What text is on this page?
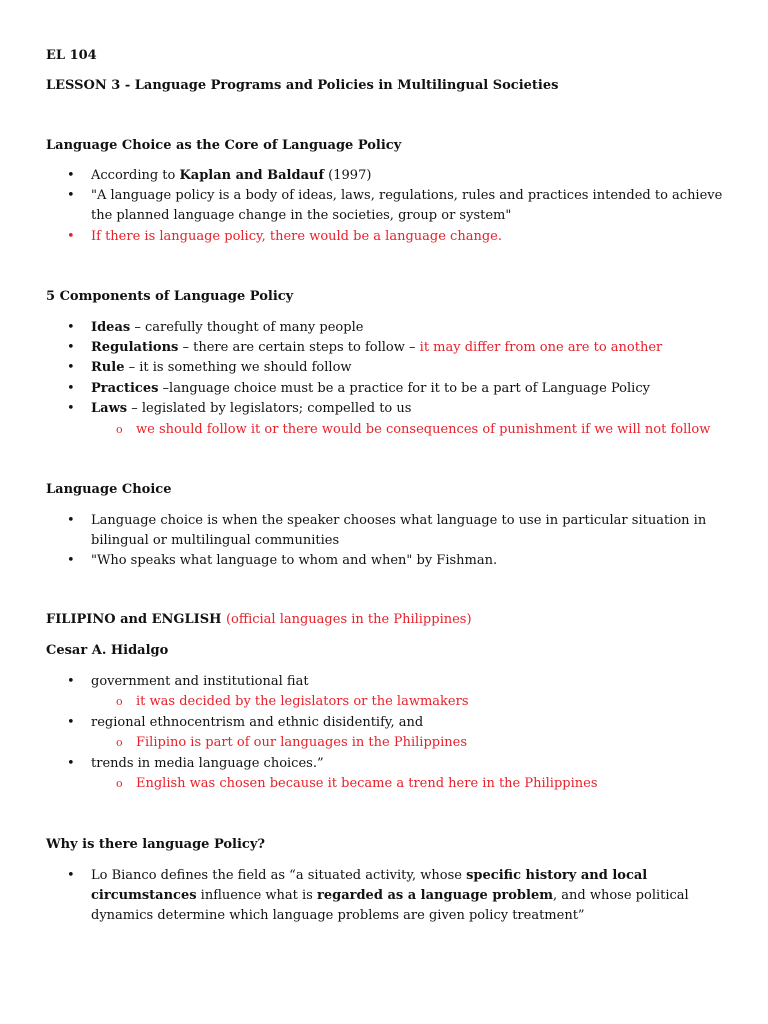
EL 104
LESSON 3 - Language Programs and Policies in Multilingual Societies
Language Choice as the Core of Language Policy
• According to Kaplan and Baldauf (1997)
• "A language policy is a body of ideas, laws, regulations, rules and practices intended to achieve the planned language change in the societies, group or system"
• If there is language policy, there would be a language change.
5 Components of Language Policy
• Ideas – carefully thought of many people
• Regulations – there are certain steps to follow – it may differ from one are to another
• Rule – it is something we should follow
• Practices –language choice must be a practice for it to be a part of Language Policy
• Laws – legislated by legislators; compelled to us
o we should follow it or there would be consequences of punishment if we will not follow
Language Choice
• Language choice is when the speaker chooses what language to use in particular situation in bilingual or multilingual communities
• "Who speaks what language to whom and when" by Fishman.
FILIPINO and ENGLISH (official languages in the Philippines)
Cesar A. Hidalgo
• government and institutional fiat
o it was decided by the legislators or the lawmakers
• regional ethnocentrism and ethnic disidentify, and
o Filipino is part of our languages in the Philippines
• trends in media language choices.”
o English was chosen because it became a trend here in the Philippines
Why is there language Policy?
• Lo Bianco defines the field as “a situated activity, whose specific history and local circumstances influence what is regarded as a language problem, and whose political dynamics determine which language problems are given policy treatment”
